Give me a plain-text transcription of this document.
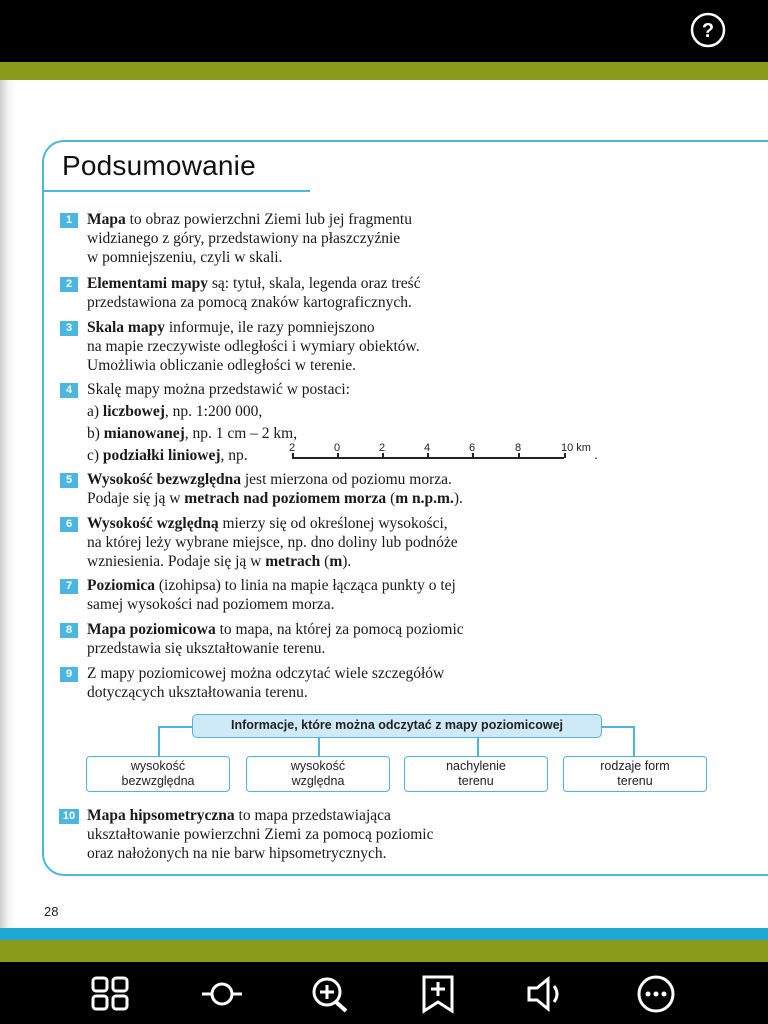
?
Podsumowanie
1 Mapa to obraz powierzchni Ziemi lub jej fragmentu
widzianego z góry, przedstawiony na płaszczyźnie
w pomniejszeniu, czyli w skali.
2 Elementami mapy są: tytuł, skala, legenda oraz treść
przedstawiona za pomocą znaków kartograficznych.
3 Skala mapy informuje, ile razy pomniejszono
na mapie rzeczywiste odległości i wymiary obiektów.
Umożliwia obliczanie odległości w terenie.
4 Skalę mapy można przedstawić w postaci:
a) liczbowej, np. 1:200 000,
b) mianowanej, np. 1 cm – 2 km,
c) podziałki liniowej, np.
5 Wysokość bezwzględna jest mierzona od poziomu morza.
Podaje się ją w metrach nad poziomem morza (m n.p.m.).
6 Wysokość względną mierzy się od określonej wysokości,
na której leży wybrane miejsce, np. dno doliny lub podnóże
wzniesienia. Podaje się ją w metrach (m).
7 Poziomica (izohipsa) to linia na mapie łącząca punkty o tej
samej wysokości nad poziomem morza.
8 Mapa poziomicowa to mapa, na której za pomocą poziomic
przedstawia się ukształtowanie terenu.
9 Z mapy poziomicowej można odczytać wiele szczegółów
dotyczących ukształtowania terenu.
10 Mapa hipsometryczna to mapa przedstawiająca
ukształtowanie powierzchni Ziemi za pomocą poziomic
oraz nałożonych na nie barw hipsometrycznych.
2	0	2	4	6	8	10 km .
Informacje, które można odczytać z mapy poziomicowej
wysokość
bezwzględna
wysokość
względna
nachylenie
terenu
rodzaje form
terenu
28
